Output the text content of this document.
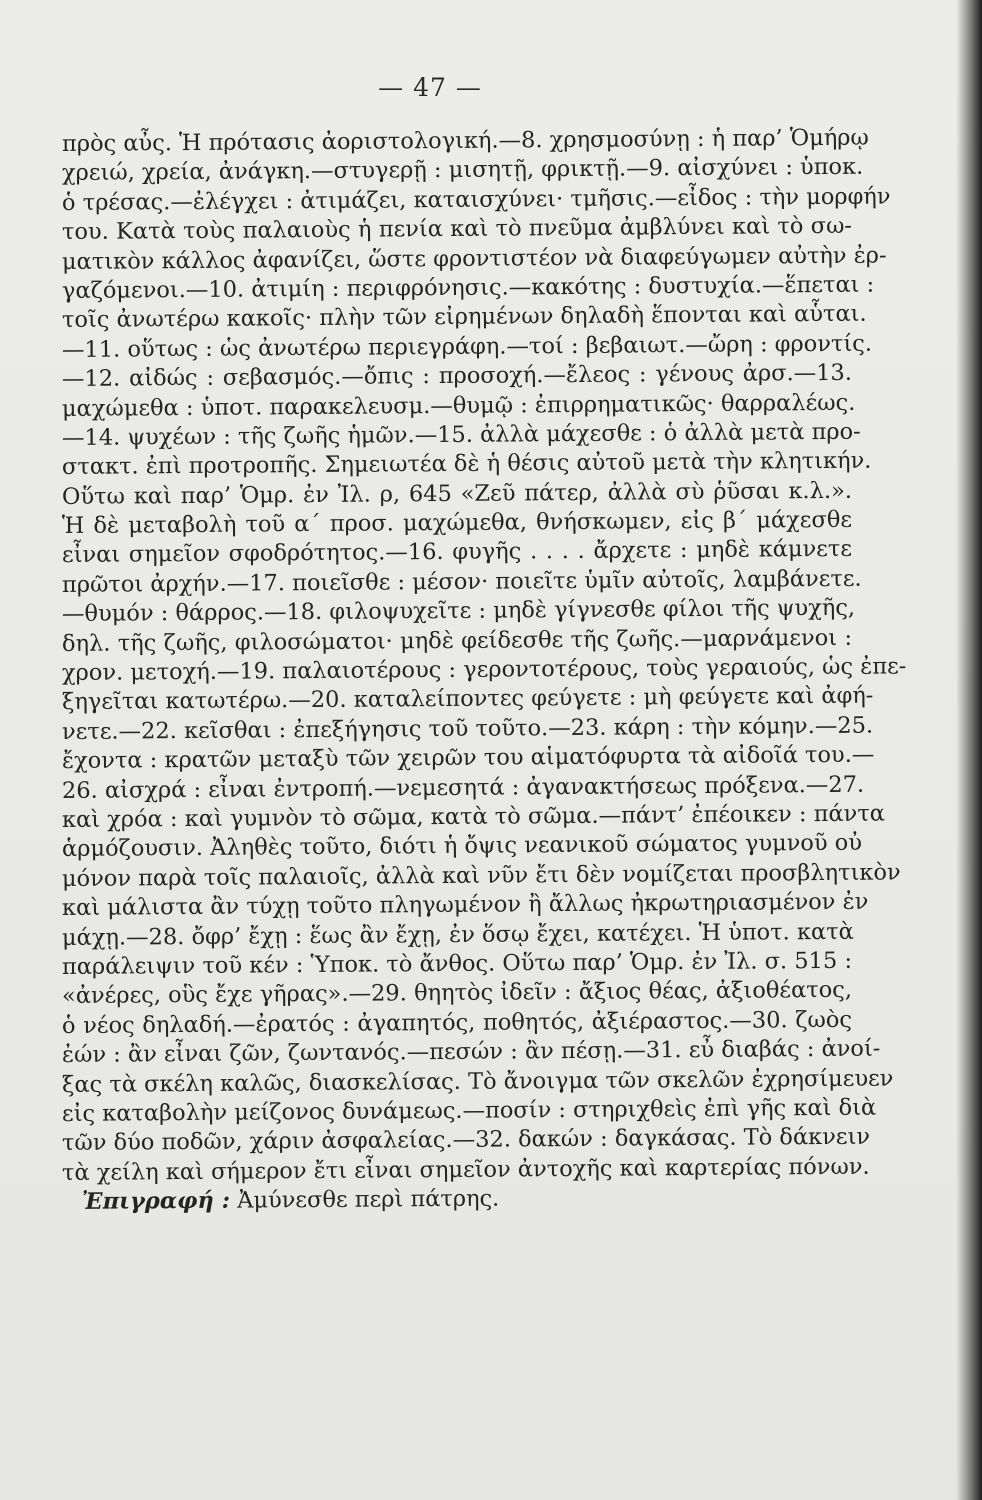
— 47 —
πρὸς αὖς. Ἡ πρότασις ἀοριστολογική.—8. χρησμοσύνῃ : ἡ παρ’ Ὁμήρῳ
χρειώ, χρεία, ἀνάγκη.—στυγερῇ : μισητῇ, φρικτῇ.—9. αἰσχύνει : ὑποκ.
ὁ τρέσας.—ἐλέγχει : ἀτιμάζει, καταισχύνει· τμῆσις.—εἶδος : τὴν μορφήν
του. Κατὰ τοὺς παλαιοὺς ἡ πενία καὶ τὸ πνεῦμα ἀμβλύνει καὶ τὸ σω-
ματικὸν κάλλος ἀφανίζει, ὥστε φροντιστέον νὰ διαφεύγωμεν αὐτὴν ἐρ-
γαζόμενοι.—10. ἀτιμίη : περιφρόνησις.—κακότης : δυστυχία.—ἕπεται :
τοῖς ἀνωτέρω κακοῖς· πλὴν τῶν εἰρημένων δηλαδὴ ἕπονται καὶ αὗται.
—11. οὕτως : ὡς ἀνωτέρω περιεγράφη.—τοί : βεβαιωτ.—ὤρη : φροντίς.
—12. αἰδώς : σεβασμός.—ὄπις : προσοχή.—ἔλεος : γένους ἀρσ.—13.
μαχώμεθα : ὑποτ. παρακελευσμ.—θυμῷ : ἐπιρρηματικῶς· θαρραλέως.
—14. ψυχέων : τῆς ζωῆς ἡμῶν.—15. ἀλλὰ μάχεσθε : ὁ ἀλλὰ μετὰ προ-
στακτ. ἐπὶ προτροπῆς. Σημειωτέα δὲ ἡ θέσις αὐτοῦ μετὰ τὴν κλητικήν.
Οὕτω καὶ παρ’ Ὁμρ. ἐν Ἰλ. ρ, 645 «Ζεῦ πάτερ, ἀλλὰ σὺ ῥῦσαι κ.λ.».
Ἡ δὲ μεταβολὴ τοῦ α΄ προσ. μαχώμεθα, θνήσκωμεν, εἰς β΄ μάχεσθε
εἶναι σημεῖον σφοδρότητος.—16. φυγῆς . . . . ἄρχετε : μηδὲ κάμνετε
πρῶτοι ἀρχήν.—17. ποιεῖσθε : μέσον· ποιεῖτε ὑμῖν αὐτοῖς, λαμβάνετε.
—θυμόν : θάρρος.—18. φιλοψυχεῖτε : μηδὲ γίγνεσθε φίλοι τῆς ψυχῆς,
δηλ. τῆς ζωῆς, φιλοσώματοι· μηδὲ φείδεσθε τῆς ζωῆς.—μαρνάμενοι :
χρον. μετοχή.—19. παλαιοτέρους : γεροντοτέρους, τοὺς γεραιούς, ὡς ἐπε-
ξηγεῖται κατωτέρω.—20. καταλείποντες φεύγετε : μὴ φεύγετε καὶ ἀφή-
νετε.—22. κεῖσθαι : ἐπεξήγησις τοῦ τοῦτο.—23. κάρη : τὴν κόμην.—25.
ἔχοντα : κρατῶν μεταξὺ τῶν χειρῶν του αἱματόφυρτα τὰ αἰδοῖά του.—
26. αἰσχρά : εἶναι ἐντροπή.—νεμεσητά : ἀγανακτήσεως πρόξενα.—27.
καὶ χρόα : καὶ γυμνὸν τὸ σῶμα, κατὰ τὸ σῶμα.—πάντ’ ἐπέοικεν : πάντα
ἁρμόζουσιν. Ἀληθὲς τοῦτο, διότι ἡ ὄψις νεανικοῦ σώματος γυμνοῦ οὐ
μόνον παρὰ τοῖς παλαιοῖς, ἀλλὰ καὶ νῦν ἔτι δὲν νομίζεται προσβλητικὸν
καὶ μάλιστα ἂν τύχῃ τοῦτο πληγωμένον ἢ ἄλλως ἠκρωτηριασμένον ἐν
μάχῃ.—28. ὄφρ’ ἔχῃ : ἕως ἂν ἔχῃ, ἐν ὅσῳ ἔχει, κατέχει. Ἡ ὑποτ. κατὰ
παράλειψιν τοῦ κέν : Ὑποκ. τὸ ἄνθος. Οὕτω παρ’ Ὁμρ. ἐν Ἰλ. σ. 515 :
«ἀνέρες, οὓς ἔχε γῆρας».—29. θηητὸς ἰδεῖν : ἄξιος θέας, ἀξιοθέατος,
ὁ νέος δηλαδή.—ἐρατός : ἀγαπητός, ποθητός, ἀξιέραστος.—30. ζωὸς
ἐών : ἂν εἶναι ζῶν, ζωντανός.—πεσών : ἂν πέσῃ.—31. εὖ διαβάς : ἀνοί-
ξας τὰ σκέλη καλῶς, διασκελίσας. Τὸ ἄνοιγμα τῶν σκελῶν ἐχρησίμευεν
εἰς καταβολὴν μείζονος δυνάμεως.—ποσίν : στηριχθεὶς ἐπὶ γῆς καὶ διὰ
τῶν δύο ποδῶν, χάριν ἀσφαλείας.—32. δακών : δαγκάσας. Τὸ δάκνειν
τὰ χείλη καὶ σήμερον ἔτι εἶναι σημεῖον ἀντοχῆς καὶ καρτερίας πόνων.
Ἐπιγραφή : Ἀμύνεσθε περὶ πάτρης.
